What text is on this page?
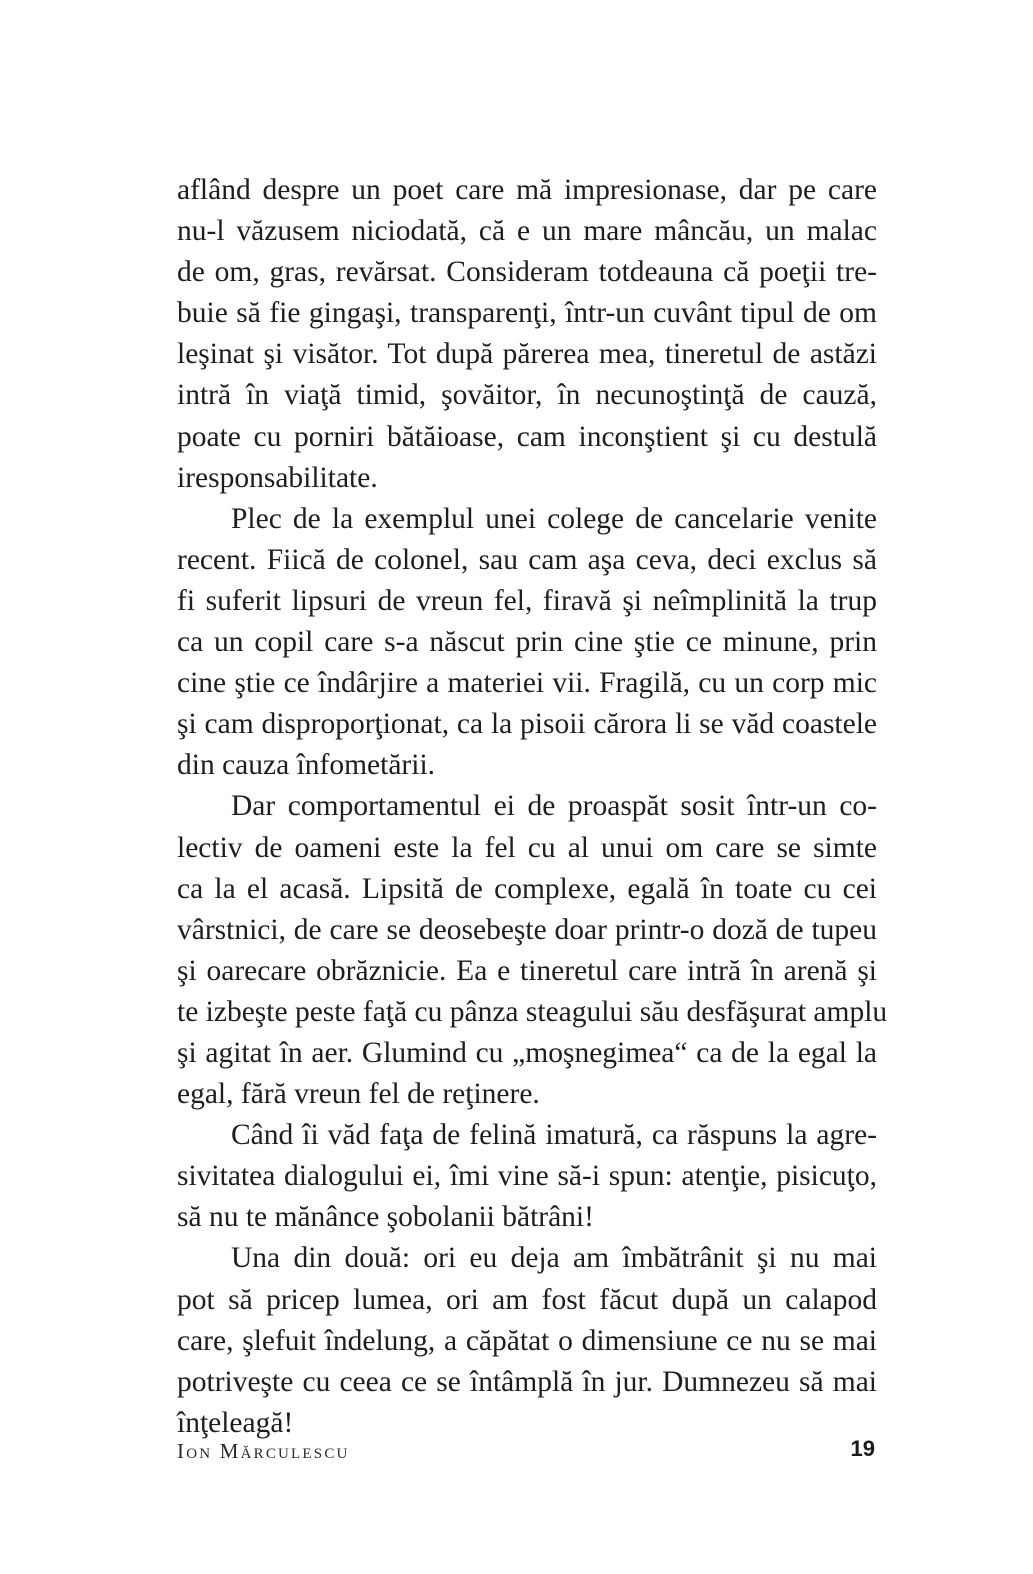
aflând despre un poet care mă impresionase, dar pe care
nu-l văzusem niciodată, că e un mare mâncău, un malac
de om, gras, revărsat. Consideram totdeauna că poeţii tre-
buie să fie gingaşi, transparenţi, într-un cuvânt tipul de om
leşinat şi visător. Tot după părerea mea, tineretul de astăzi
intră în viaţă timid, şovăitor, în necunoştinţă de cauză,
poate cu porniri bătăioase, cam inconştient şi cu destulă
iresponsabilitate.
Plec de la exemplul unei colege de cancelarie venite
recent. Fiică de colonel, sau cam aşa ceva, deci exclus să
fi suferit lipsuri de vreun fel, firavă şi neîmplinită la trup
ca un copil care s-a născut prin cine ştie ce minune, prin
cine ştie ce îndârjire a materiei vii. Fragilă, cu un corp mic
şi cam disproporţionat, ca la pisoii cărora li se văd coastele
din cauza înfometării.
Dar comportamentul ei de proaspăt sosit într-un co-
lectiv de oameni este la fel cu al unui om care se simte
ca la el acasă. Lipsită de complexe, egală în toate cu cei
vârstnici, de care se deosebeşte doar printr-o doză de tupeu
şi oarecare obrăznicie. Ea e tineretul care intră în arenă şi
te izbeşte peste faţă cu pânza steagului său desfăşurat amplu
şi agitat în aer. Glumind cu „moşnegimea“ ca de la egal la
egal, fără vreun fel de reţinere.
Când îi văd faţa de felină imatură, ca răspuns la agre-
sivitatea dialogului ei, îmi vine să-i spun: atenţie, pisicuţo,
să nu te mănânce şobolanii bătrâni!
Una din două: ori eu deja am îmbătrânit şi nu mai
pot să pricep lumea, ori am fost făcut după un calapod
care, şlefuit îndelung, a căpătat o dimensiune ce nu se mai
potriveşte cu ceea ce se întâmplă în jur. Dumnezeu să mai
înţeleagă!
Ion Mărculescu	19
